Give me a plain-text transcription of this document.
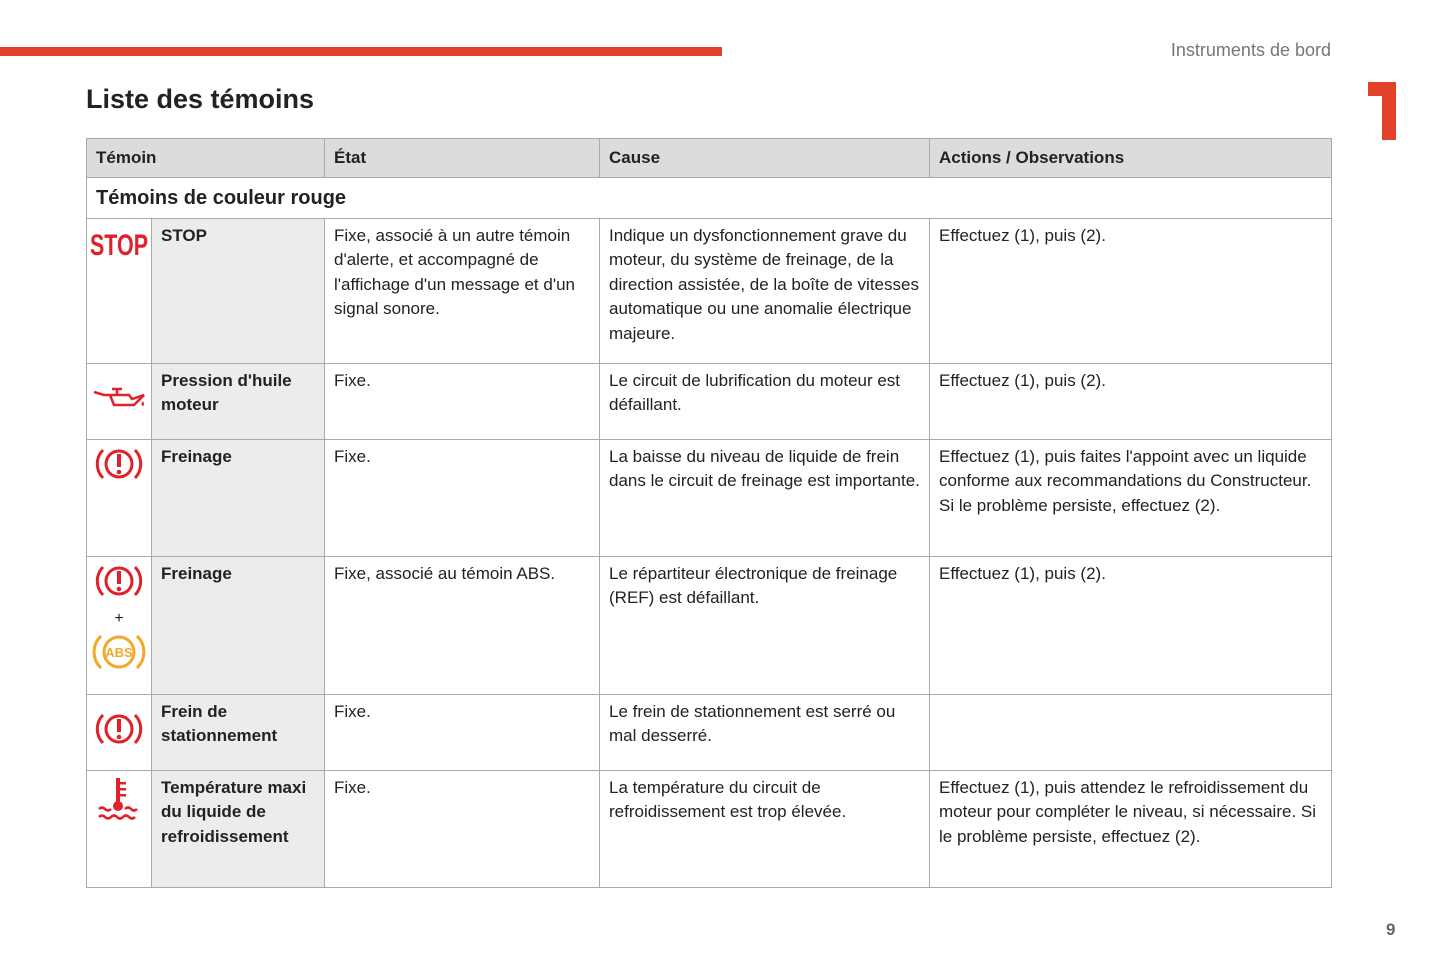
Instruments de bord
Liste des témoins
Témoin		État	Cause	Actions / Observations
Témoins de couleur rouge				

STOP	STOP	Fixe, associé à un autre témoin d'alerte, et accompagné de l'affichage d'un message et d'un signal sonore.	Indique un dysfonctionnement grave du moteur, du système de freinage, de la direction assistée, de la boîte de vitesses automatique ou une anomalie électrique majeure.	Effectuez (1), puis (2).
	Pression d'huile moteur	Fixe.	Le circuit de lubrification du moteur est défaillant.	Effectuez (1), puis (2).
	Freinage	Fixe.	La baisse du niveau de liquide de frein dans le circuit de freinage est importante.	Effectuez (1), puis faites l'appoint avec un liquide conforme aux recommandations du Constructeur. Si le problème persiste, effectuez (2).

+
ABS	Freinage	Fixe, associé au témoin ABS.	Le répartiteur électronique de freinage (REF) est défaillant.	Effectuez (1), puis (2).
	Frein de stationnement	Fixe.	Le frein de stationnement est serré ou mal desserré.	
	Température maxi du liquide de refroidissement	Fixe.	La température du circuit de refroidissement est trop élevée.	Effectuez (1), puis attendez le refroidissement du moteur pour compléter le niveau, si nécessaire. Si le problème persiste, effectuez (2).
9
